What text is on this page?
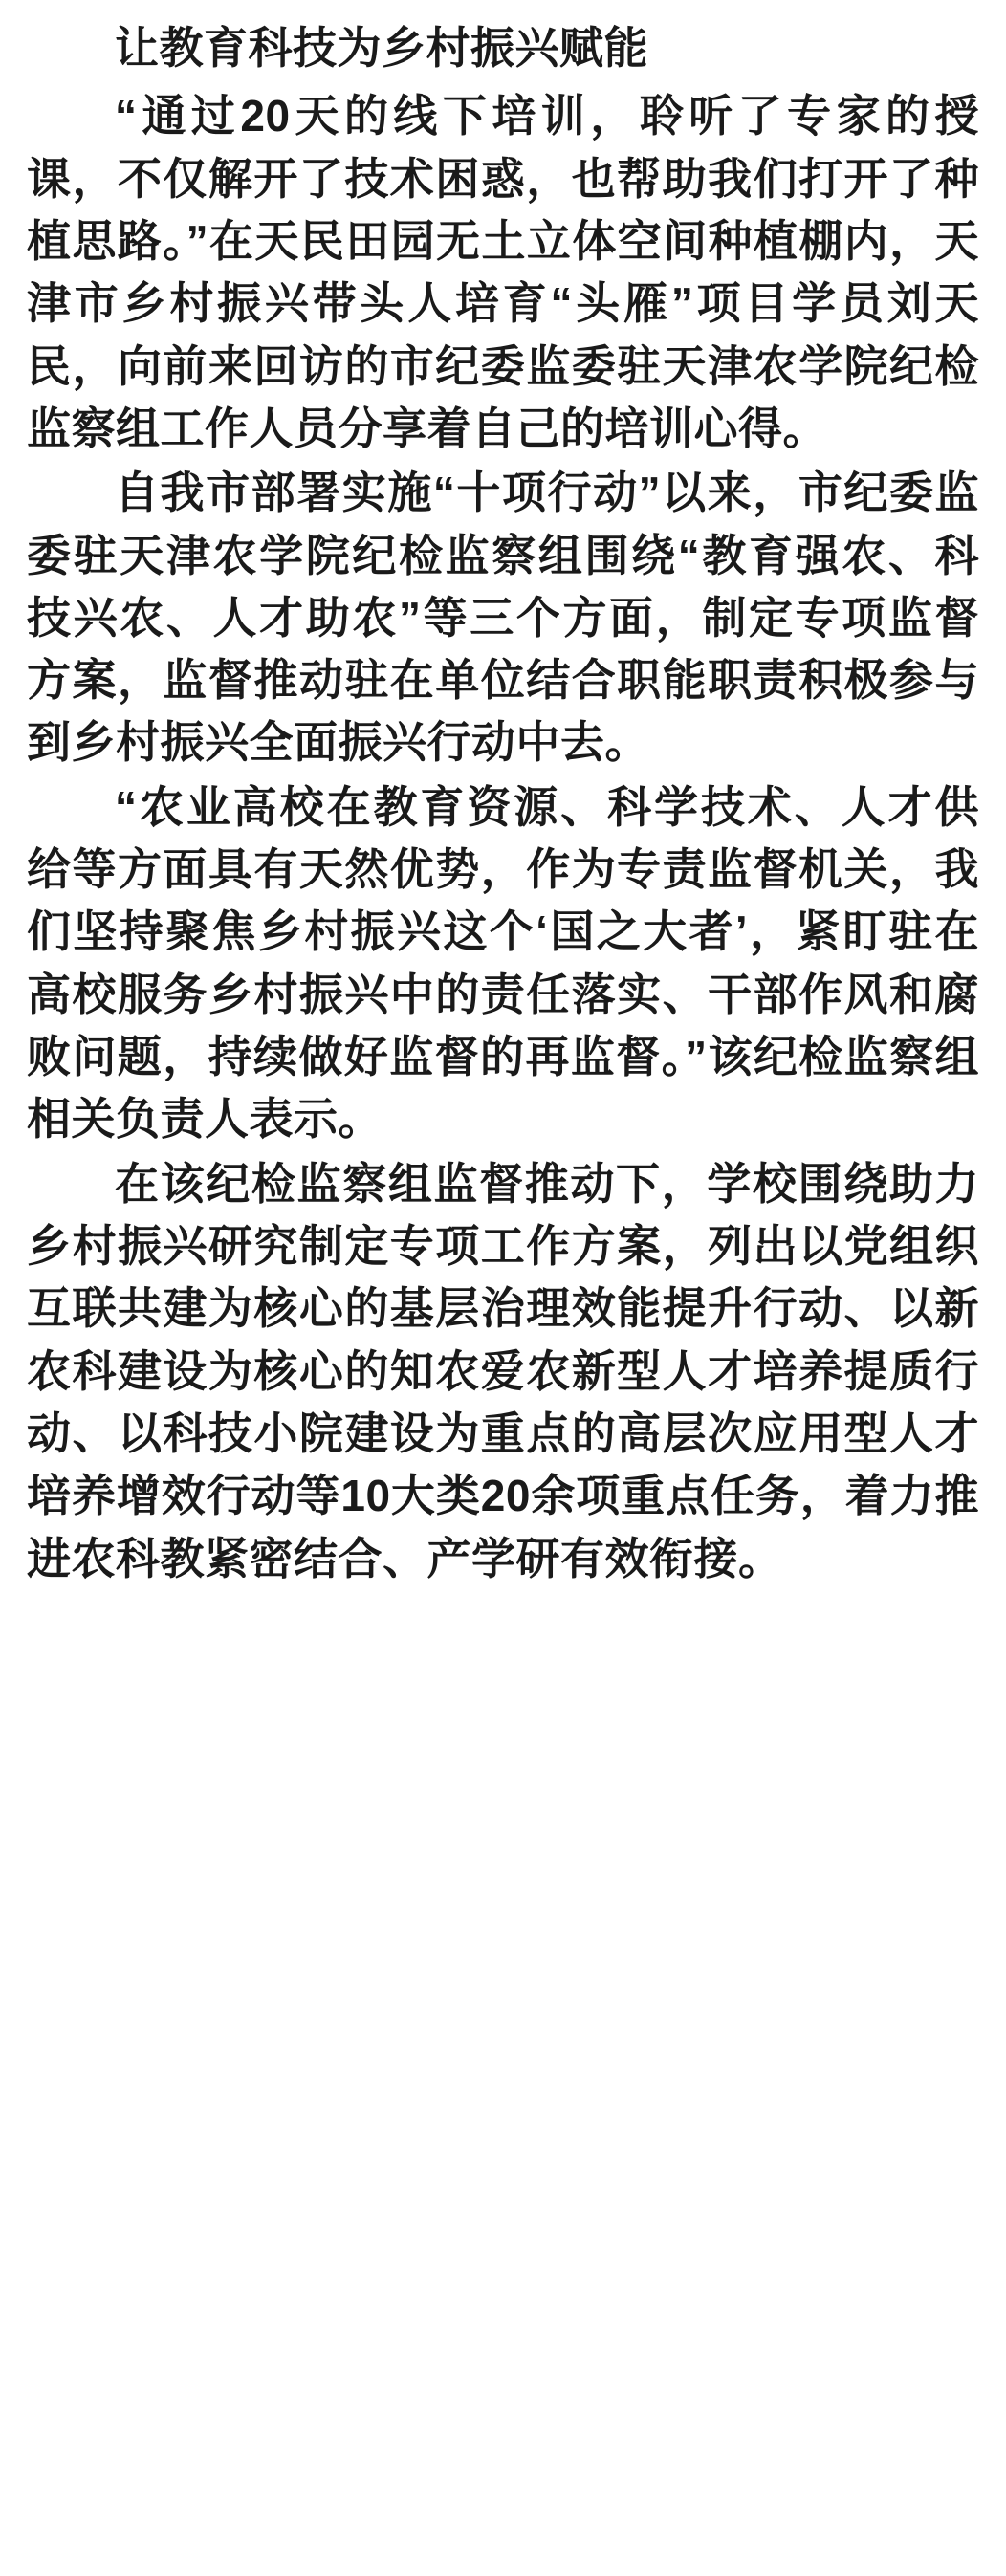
让教育科技为乡村振兴赋能

“通过20天的线下培训，聆听了专家的授课，不仅解开了技术困惑，也帮助我们打开了种植思路。”在天民田园无土立体空间种植棚内，天津市乡村振兴带头人培育“头雁”项目学员刘天民，向前来回访的市纪委监委驻天津农学院纪检监察组工作人员分享着自己的培训心得。

自我市部署实施“十项行动”以来，市纪委监委驻天津农学院纪检监察组围绕“教育强农、科技兴农、人才助农”等三个方面，制定专项监督方案，监督推动驻在单位结合职能职责积极参与到乡村振兴全面振兴行动中去。

“农业高校在教育资源、科学技术、人才供给等方面具有天然优势，作为专责监督机关，我们坚持聚焦乡村振兴这个‘国之大者’，紧盯驻在高校服务乡村振兴中的责任落实、干部作风和腐败问题，持续做好监督的再监督。”该纪检监察组相关负责人表示。

在该纪检监察组监督推动下，学校围绕助力乡村振兴研究制定专项工作方案，列出以党组织互联共建为核心的基层治理效能提升行动、以新农科建设为核心的知农爱农新型人才培养提质行动、以科技小院建设为重点的高层次应用型人才培养增效行动等10大类20余项重点任务，着力推进农科教紧密结合、产学研有效衔接。
